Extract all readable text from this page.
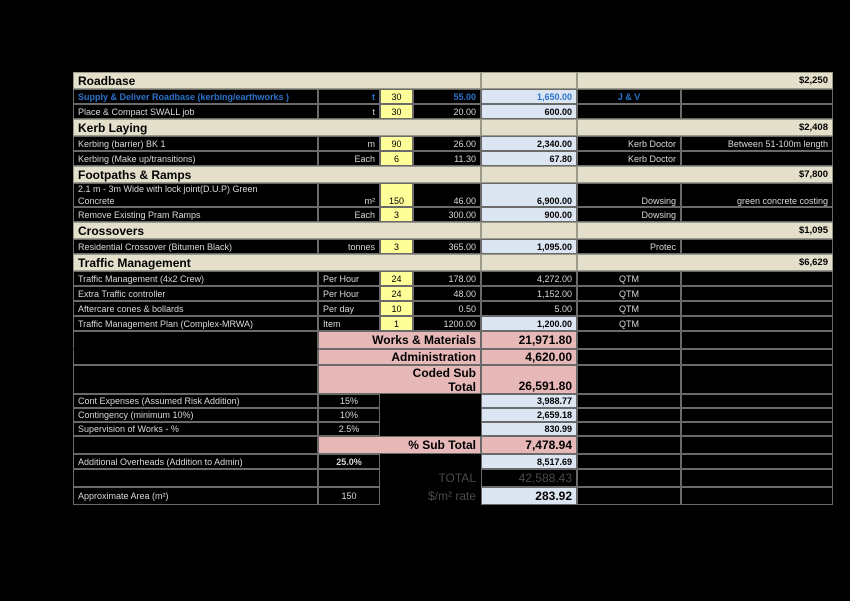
Roadbase	$2,250
Supply & Deliver Roadbase (kerbing/earthworks )	t	30	55.00	1,650.00	J & V
Place & Compact SWALL job	t	30	20.00	600.00
Kerb Laying	$2,408
Kerbing (barrier) BK 1	m	90	26.00	2,340.00	Kerb Doctor	Between 51-100m length
Kerbing (Make up/transitions)	Each	6	11.30	67.80	Kerb Doctor
Footpaths & Ramps	$7,800
2.1 m - 3m Wide with lock joint(D.U.P) Green
Concrete	m²	150	46.00	6,900.00	Dowsing	green concrete costing
Remove Existing Pram Ramps	Each	3	300.00	900.00	Dowsing
Crossovers	$1,095
Residential Crossover (Bitumen Black)	tonnes	3	365.00	1,095.00	Protec
Traffic Management	$6,629
Traffic Management (4x2 Crew)	Per Hour	24	178.00	4,272.00	QTM
Extra Traffic controller	Per Hour	24	48.00	1,152.00	QTM
Aftercare cones & bollards	Per day	10	0.50	5.00	QTM
Traffic Management Plan (Complex-MRWA)	Item	1	1200.00	1,200.00	QTM
Works & Materials	21,971.80
Administration	4,620.00
Coded Sub
Total	26,591.80
Cont Expenses (Assumed Risk Addition)	15%	3,988.77
Contingency (minimum 10%)	10%	2,659.18
Supervision of Works - %	2.5%	830.99
% Sub Total	7,478.94
Additional Overheads (Addition to Admin)	25.0%	8,517.69
TOTAL	42,588.43
Approximate Area (m²)	150	$/m² rate	283.92
